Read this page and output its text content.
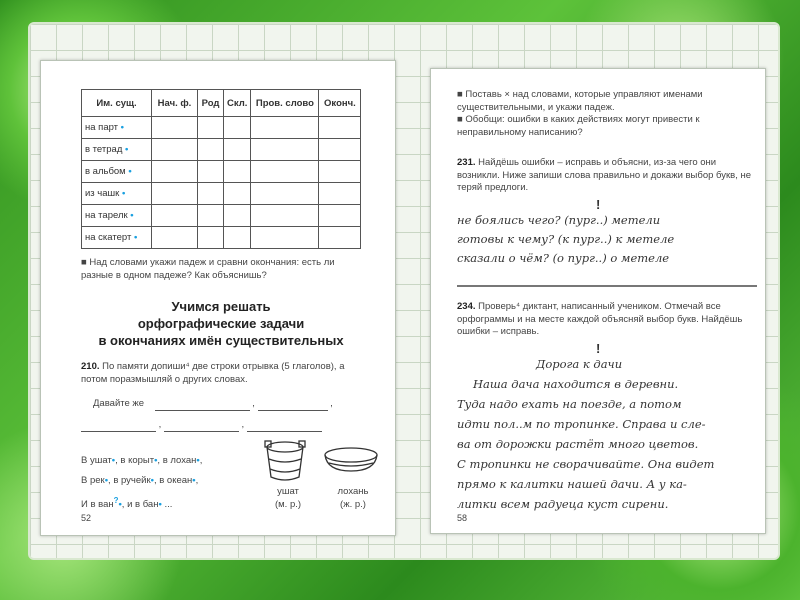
Им. сущ.	Нач. ф.	Род	Скл.	Пров. слово	Оконч.
на парт •					
в тетрад •					
в альбом •					
из чашк •					
на тарелк •					
на скатерт •					
■ Над словами укажи падеж и сравни окончания: есть ли разные в одном падеже? Как объяснишь?
Учимся решать
орфографические задачи
в окончаниях имён существительных
210. По памяти допиши⁴ две строки отрывка (5 глаголов), а потом поразмышляй о других словах.
Давайте же	,	,
,	,
В ушат•, в корыт•, в лохан•,
В рек•, в ручейк•, в океан•,
И в ван?•, и в бан• ...
ушат
(м. р.)
лохань
(ж. р.)
52
■ Поставь × над словами, которые управляют именами существительными, и укажи падеж.
■ Обобщи: ошибки в каких действиях могут привести к неправильному написанию?
231. Найдёшь ошибки – исправь и объясни, из-за чего они возникли. Ниже запиши слова правильно и докажи выбор букв, не теряй предлоги.
!
не боялись чего? (пург..) метели
готовы к чему? (к пург..) к метеле
сказали о чём? (о пург..) о метеле
234. Проверь⁴ диктант, написанный учеником. Отмечай все орфограммы и на месте каждой объясняй выбор букв. Найдёшь ошибки – исправь.
!
Дорога к дачи
Наша дача находится в деревни.
Туда надо ехать на поезде, а потом
идти пол..м по тропинке. Справа и сле-
ва от дорожки растёт много цветов.
С тропинки не сворачивайте. Она видет
прямо к калитки нашей дачи. А у ка-
литки всем радуеца куст сирени.
58
